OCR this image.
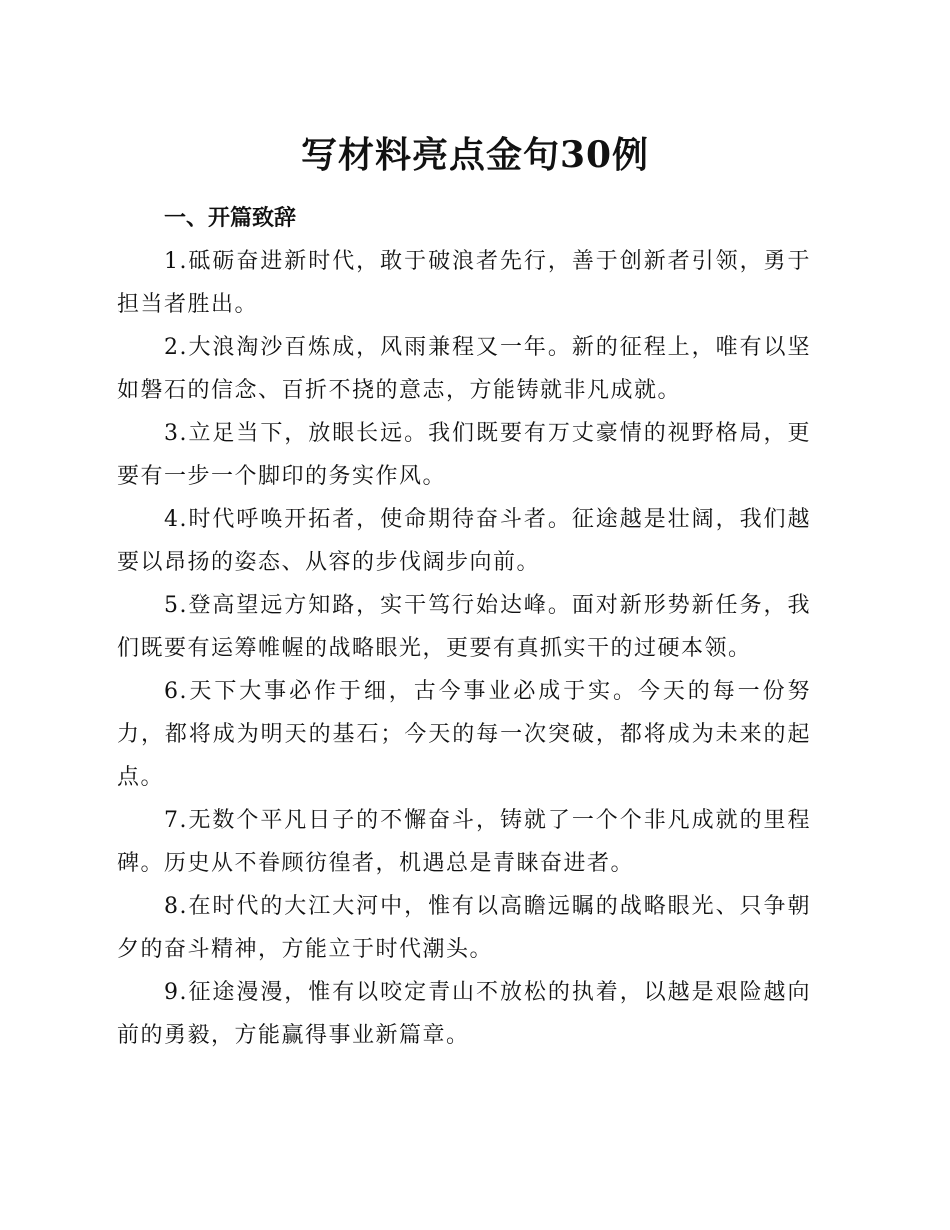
写材料亮点金句30例
一、开篇致辞

1.砥砺奋进新时代，敢于破浪者先行，善于创新者引领，勇于担当者胜出。

2.大浪淘沙百炼成，风雨兼程又一年。新的征程上，唯有以坚如磐石的信念、百折不挠的意志，方能铸就非凡成就。

3.立足当下，放眼长远。我们既要有万丈豪情的视野格局，更要有一步一个脚印的务实作风。

4.时代呼唤开拓者，使命期待奋斗者。征途越是壮阔，我们越要以昂扬的姿态、从容的步伐阔步向前。

5.登高望远方知路，实干笃行始达峰。面对新形势新任务，我们既要有运筹帷幄的战略眼光，更要有真抓实干的过硬本领。

6.天下大事必作于细，古今事业必成于实。今天的每一份努力，都将成为明天的基石；今天的每一次突破，都将成为未来的起点。

7.无数个平凡日子的不懈奋斗，铸就了一个个非凡成就的里程碑。历史从不眷顾彷徨者，机遇总是青睐奋进者。

8.在时代的大江大河中，惟有以高瞻远瞩的战略眼光、只争朝夕的奋斗精神，方能立于时代潮头。

9.征途漫漫，惟有以咬定青山不放松的执着，以越是艰险越向前的勇毅，方能赢得事业新篇章。
